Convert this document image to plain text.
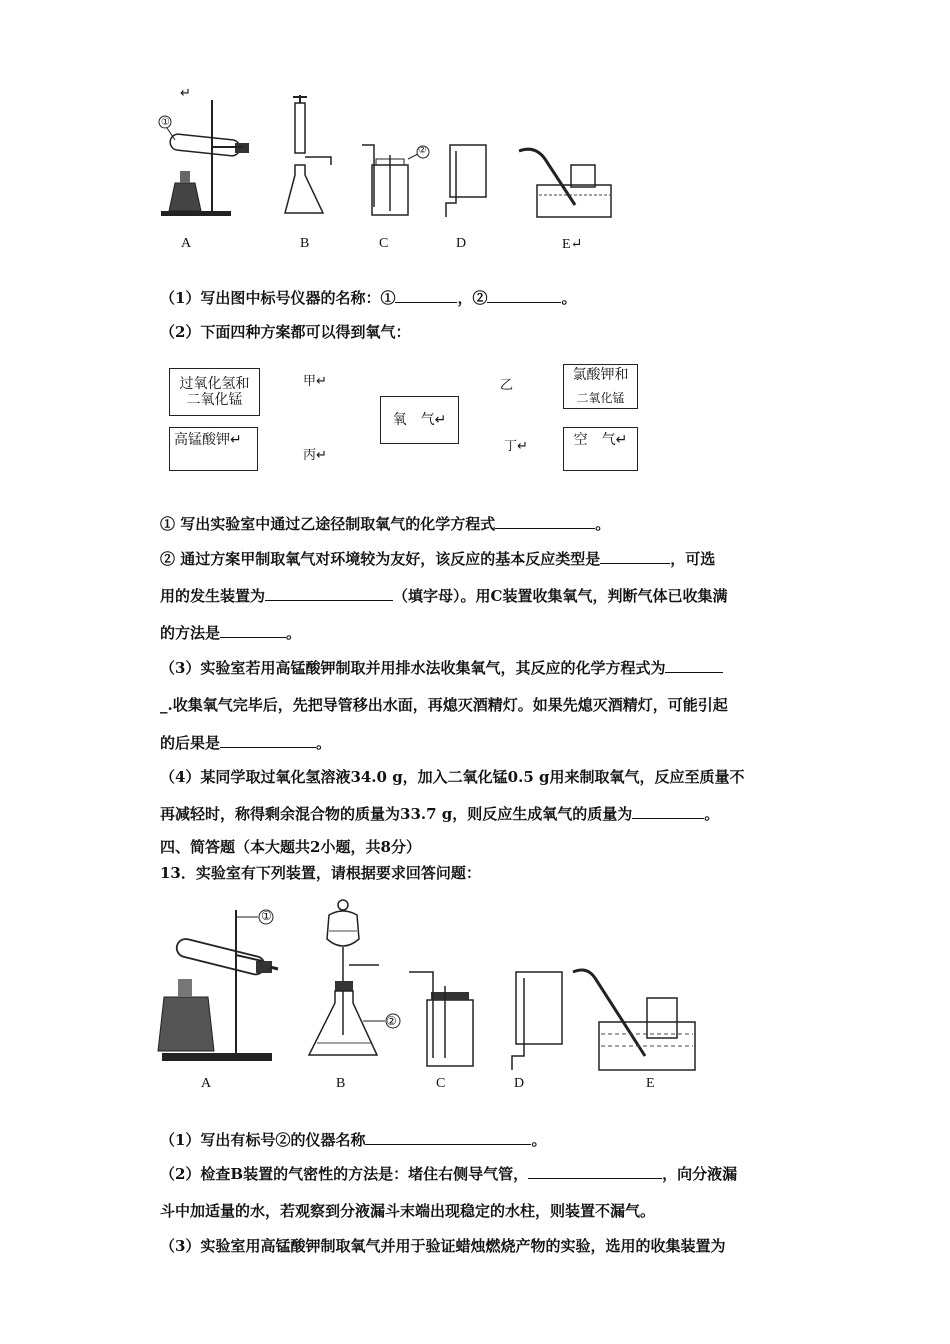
↵
①
②
A	B	C	D	E↵
（1）写出图中标号仪器的名称：①	，②	。
（2）下面四种方案都可以得到氧气：
过氧化氢和二氧化锰
高锰酸钾↵
氧　气↵
氯酸钾和
二氧化锰
空　气↵
甲↵	乙
丙↵
丁↵
① 写出实验室中通过乙途径制取氧气的化学方程式	。
② 通过方案甲制取氧气对环境较为友好，该反应的基本反应类型是	，可选
用的发生装置为	（填字母）。用C装置收集氧气，判断气体已收集满
的方法是	。
（3）实验室若用高锰酸钾制取并用排水法收集氧气，其反应的化学方程式为
_.收集氧气完毕后，先把导管移出水面，再熄灭酒精灯。如果先熄灭酒精灯，可能引起
的后果是	。
（4）某同学取过氧化氢溶液34.0 g，加入二氧化锰0.5 g用来制取氧气，反应至质量不
再减轻时，称得剩余混合物的质量为33.7 g，则反应生成氧气的质量为	。
四、简答题（本大题共2小题，共8分）
13．实验室有下列装置，请根据要求回答问题：
①
②
A	B	C	D	E
（1）写出有标号②的仪器名称	。
（2）检查B装置的气密性的方法是：堵住右侧导气管，	，向分液漏
斗中加适量的水，若观察到分液漏斗末端出现稳定的水柱，则装置不漏气。
（3）实验室用高锰酸钾制取氧气并用于验证蜡烛燃烧产物的实验，选用的收集装置为
